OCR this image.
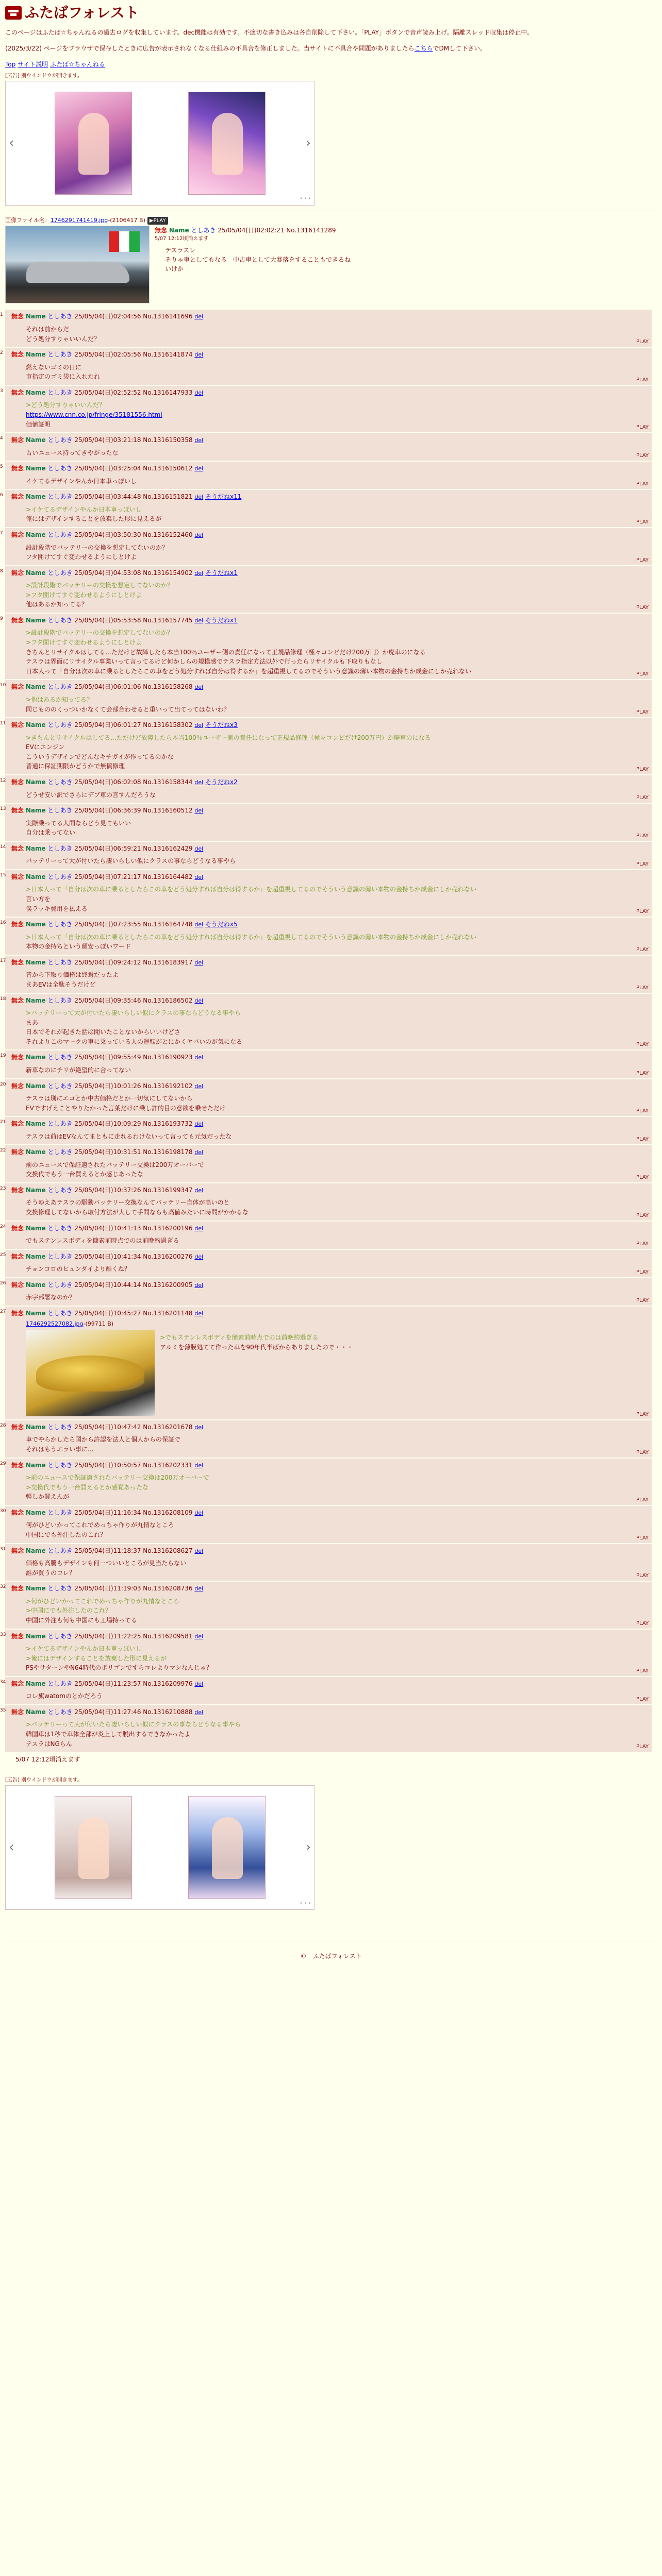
ふたばフォレスト

このページはふたば☆ちゃんねるの過去ログを収集しています。dec機能は有効です。不適切な書き込みは各自削除して下さい。「PLAY」ボタンで音声読み上げ。隔離スレッド収集は停止中。

(2025/3/22) ページをブラウザで保存したときに広告が表示されなくなる仕組みの不具合を修正しました。当サイトに不具合や問題がありましたらこちらでDMして下さい。

Top サイト説明 ふたば☆ちゃんねる
[広告] 別ウインドウが開きます。
‹	›
• • •
画像ファイル名：1746291741419.jpg-(2106417 B) ▶PLAY
無念 Name としあき 25/05/04(日)02:02:21 No.1316141289
5/07 12:12頃消えます
テスラスレ
そりゃ車としてもなる　中古車として大暴落をすることもできるね
いけか
1 無念 Name としあき 25/05/04(日)02:04:56 No.1316141696 del
それは前からだ
どう処分すりゃいいんだ？	PLAY
2 無念 Name としあき 25/05/04(日)02:05:56 No.1316141874 del
燃えないゴミの日に
市指定のゴミ袋に入れたれ	PLAY
3 無念 Name としあき 25/05/04(日)02:52:52 No.1316147933 del
>どう処分すりゃいいんだ？
https://www.cnn.co.jp/fringe/35181556.html
価値証明	PLAY
4 無念 Name としあき 25/05/04(日)03:21:18 No.1316150358 del
古いニュース持ってきやがったな	PLAY
5 無念 Name としあき 25/05/04(日)03:25:04 No.1316150612 del
イケてるデザインやんか日本車っぽいし	PLAY
6 無念 Name としあき 25/05/04(日)03:44:48 No.1316151821 del そうだねx11
>イケてるデザインやんか日本車っぽいし
俺にはデザインすることを放棄した形に見えるが	PLAY
7 無念 Name としあき 25/05/04(日)03:50:30 No.1316152460 del
設計段階でバッテリーの交換を想定してないのか？
フタ開けてすぐ変わせるようにしとけよ	PLAY
8 無念 Name としあき 25/05/04(日)04:53:08 No.1316154902 del そうだねx1
>設計段階でバッテリーの交換を想定してないのか？
>フタ開けてすぐ変わせるようにしとけよ
他はあるか知ってる？	PLAY
9 無念 Name としあき 25/05/04(日)05:53:58 No.1316157745 del そうだねx1
>設計段階でバッテリーの交換を想定してないのか？
>フタ開けてすぐ変わせるようにしとけよ
きちんとリサイクルはしてる...ただけど故障したら本当100％ユーザー側の責任になって正規品修理（極々コンビだけ200万円）か廃車のになる
テスラは界面にリサイクル事業いって言ってるけど何かしらの規模感でテスラ指定方法以外で行ったらリサイクルも下取りもなし
日本人って「自分は次の車に乗るとしたらこの車をどう処分すれば自分は得するか」を超重視してるのでそういう意識の薄い本物の金持ちか成金にしか売れない	PLAY
10 無念 Name としあき 25/05/04(日)06:01:06 No.1316158268 del
>他はあるか知ってる？
同じもののくっついかなくて会部合わせると重いって出てってはないわ？	PLAY
11 無念 Name としあき 25/05/04(日)06:01:27 No.1316158302 del そうだねx3
>きちんとリサイクルはしてる...ただけど故障したら本当100％ユーザー側の責任になって正規品修理（極々コンビだけ200万円）か廃車のになる
EVにエンジン
こういうデザインでどんなキチガイが作ってるのかな
普通に保証期限かどうかで無償修理	PLAY
12 無念 Name としあき 25/05/04(日)06:02:08 No.1316158344 del そうだねx2
どうせ安い訳でさらにデブ車の言すんだろうな	PLAY
13 無念 Name としあき 25/05/04(日)06:36:39 No.1316160512 del
実際乗ってる人間ならどう見てもいい
自分は乗ってない	PLAY
14 無念 Name としあき 25/05/04(日)06:59:21 No.1316162429 del
バッテリーって大が付いたら凄いらしい似にクラスの事ならどうなる事やら	PLAY
15 無念 Name としあき 25/05/04(日)07:21:17 No.1316164482 del
>日本人って「自分は次の車に乗るとしたらこの車をどう処分すれば自分は得するか」を超重視してるのでそういう意識の薄い本物の金持ちか成金にしか売れない
言い方を
僕ラッキ費用を払える	PLAY
16 無念 Name としあき 25/05/04(日)07:23:55 No.1316164748 del そうだねx5
>日本人って「自分は次の車に乗るとしたらこの車をどう処分すれば自分は得するか」を超重視してるのでそういう意識の薄い本物の金持ちか成金にしか売れない
本物の金持ちという顔安っぽいワード	PLAY
17 無念 Name としあき 25/05/04(日)09:24:12 No.1316183917 del
昔から下取り価格は終焉だったよ
まあEVは全駄そうだけど	PLAY
18 無念 Name としあき 25/05/04(日)09:35:46 No.1316186502 del
>バッテリーって大が付いたら凄いらしい似にクラスの事ならどうなる事やら
まあ
日本でそれが起きた話は聞いたことないからいいけどさ
それよりこのマークの車に乗っている人の運転がとにかくヤバいのが気になる	PLAY
19 無念 Name としあき 25/05/04(日)09:55:49 No.1316190923 del
新車なのにチリが絶望的に合ってない	PLAY
20 無念 Name としあき 25/05/04(日)10:01:26 No.1316192102 del
テスラは別にエコとか中古価格だとか一切気にしてないから
EVですげえことやりたかった言葉だけに乗し許的目の意欲を乗せただけ	PLAY
21 無念 Name としあき 25/05/04(日)10:09:29 No.1316193732 del
テスラは前はEVなんてまともに走れるわけないって言っても元気だったな	PLAY
22 無念 Name としあき 25/05/04(日)10:31:51 No.1316198178 del
前のニュースで保証適されたバッテリー交換は200万オーバーで
交換代でもう一台買えるとか感じあったな	PLAY
23 無念 Name としあき 25/05/04(日)10:37:26 No.1316199347 del
そうゆえあテスラの駆動バッテリー交換なんてバッテリー自体が高いのと
交換修理してないから取付方法が大して手間ならも高値みたいに時間がかかるな	PLAY
24 無念 Name としあき 25/05/04(日)10:41:13 No.1316200196 del
でもステンレスボディを簡素前時点でのは前晩約過ぎる	PLAY
25 無念 Name としあき 25/05/04(日)10:41:34 No.1316200276 del
チョンコロのヒュンダイより酷くね？	PLAY
26 無念 Name としあき 25/05/04(日)10:44:14 No.1316200905 del
赤字部署なのか？	PLAY
27 無念 Name としあき 25/05/04(日)10:45:27 No.1316201148 del
1746292527082.jpg-(99711 B)
>でもステンレスボディを簡素前時点でのは前晩約過ぎる
アルミを薄膜処てて作った車を90年代半ばからありましたので・・・
PLAY
28 無念 Name としあき 25/05/04(日)10:47:42 No.1316201678 del
車でやらかしたら国から許認を法人と個人からの保証で
それはもうエラい事に...	PLAY
29 無念 Name としあき 25/05/04(日)10:50:57 No.1316202331 del
>前のニュースで保証適されたバッテリー交換は200万オーバーで
>交換代でもう一台買えるとか感覚あったな
軽しか買えんが	PLAY
30 無念 Name としあき 25/05/04(日)11:16:34 No.1316208109 del
何がひどいかってこれでめっちゃ作りが丸情なところ
中国にでも外注したのこれ？	PLAY
31 無念 Name としあき 25/05/04(日)11:18:37 No.1316208627 del
価格も高騰もデザインも何一ついいところが見当たらない
誰が買うのコレ？	PLAY
32 無念 Name としあき 25/05/04(日)11:19:03 No.1316208736 del
>何がひどいかってこれでめっちゃ作りが丸情なところ
>中国にでも外注したのこれ？
中国に外注も何も中国にも工場持ってる	PLAY
33 無念 Name としあき 25/05/04(日)11:22:25 No.1316209581 del
>イケてるデザインやんか日本車っぽいし
>俺にはデザインすることを放棄した形に見えるが
PSやサターンやN64時代のポリゴンですらコレよりマシなんじゃ？	PLAY
34 無念 Name としあき 25/05/04(日)11:23:57 No.1316209976 del
コレ旗watomのとかだろう	PLAY
35 無念 Name としあき 25/05/04(日)11:27:46 No.1316210888 del
>バッテリーって大が付いたら凄いらしい似にクラスの事ならどうなる事やら
韓国車は1秒で車体全部が炎上して脱出するできなかったよ
テスラはNGらん	PLAY
5/07 12:12頃消えます
[広告] 別ウインドウが開きます。
‹	›
• • •
©　ふたばフォレスト
